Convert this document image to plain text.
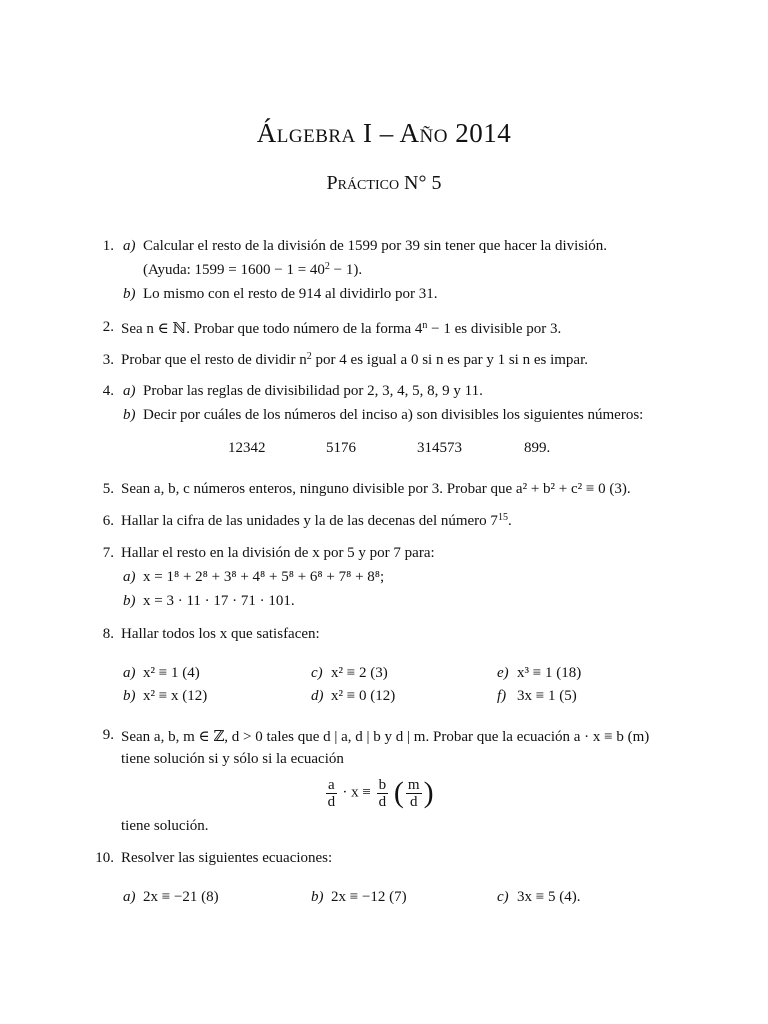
Álgebra I – Año 2014
Práctico N° 5
1. a) Calcular el resto de la división de 1599 por 39 sin tener que hacer la división.
(Ayuda: $1599 = 1600 - 1 = 40^2 - 1$).
b) Lo mismo con el resto de 914 al dividirlo por 31.
2. Sea n ∈ ℕ. Probar que todo número de la forma $4^n - 1$ es divisible por 3.
3. Probar que el resto de dividir $n^2$ por 4 es igual a 0 si n es par y 1 si n es impar.
4. a) Probar las reglas de divisibilidad por 2, 3, 4, 5, 8, 9 y 11.
b) Decir por cuáles de los números del inciso a) son divisibles los siguientes números:
12342	5176	314573	899.
5. Sean a, b, c números enteros, ninguno divisible por 3. Probar que a² + b² + c² ≡ 0 (3).
6. Hallar la cifra de las unidades y la de las decenas del número $7^{15}$.
7. Hallar el resto en la división de x por 5 y por 7 para:
a) x = 1⁸ + 2⁸ + 3⁸ + 4⁸ + 5⁸ + 6⁸ + 7⁸ + 8⁸;
b) x = 3 · 11 · 17 · 71 · 101.
8. Hallar todos los x que satisfacen:
a) x² ≡ 1 (4)
b) x² ≡ x (12)
c) x² ≡ 2 (3)
d) x² ≡ 0 (12)
e) x³ ≡ 1 (18)
f) 3x ≡ 1 (5)
9. Sean a, b, m ∈ ℤ, d > 0 tales que d | a, d | b y d | m. Probar que la ecuación a · x ≡ b (m)
tiene solución si y sólo si la ecuación
$\frac{a}{d} \cdot x \equiv \frac{b}{d}$ ( $\frac{m}{d}$ )
tiene solución.
10. Resolver las siguientes ecuaciones:
a) 2x ≡ −21 (8)	b) 2x ≡ −12 (7)	c) 3x ≡ 5 (4).
